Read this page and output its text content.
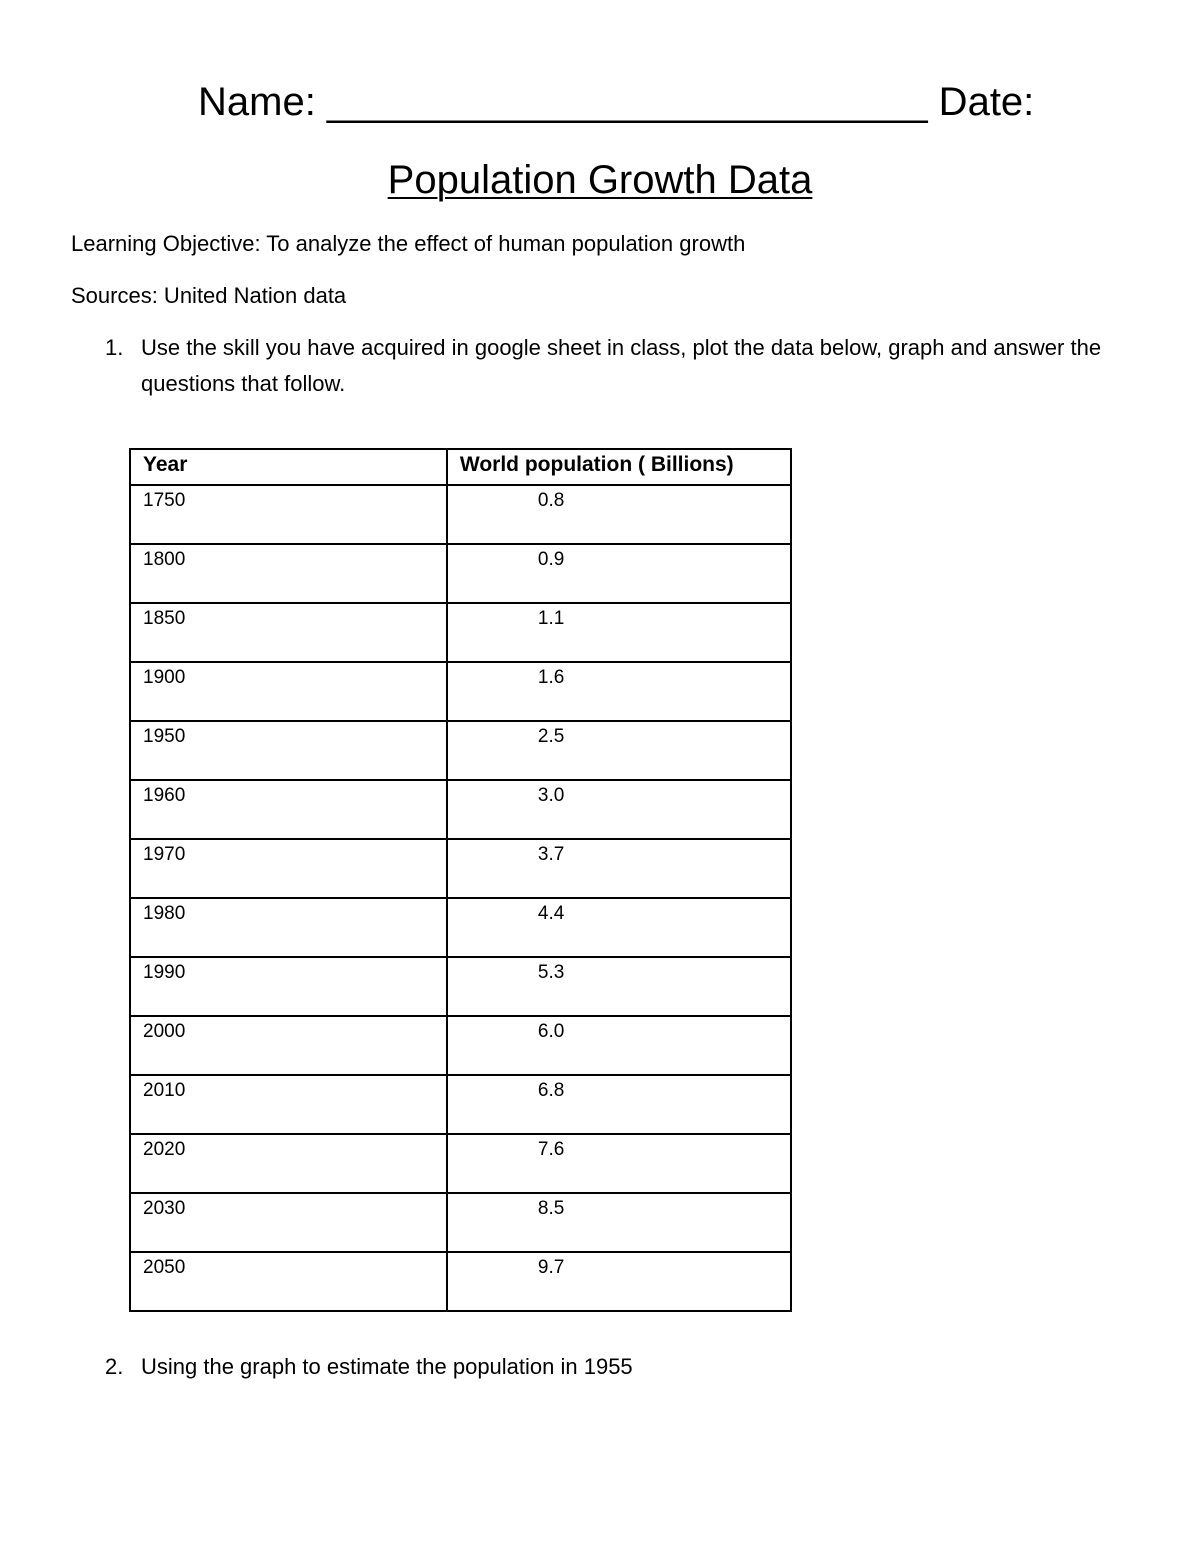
Name: ___________________________ Date:
Population Growth Data
Learning Objective: To analyze the effect of human population growth
Sources: United Nation data
1. Use the skill you have acquired in google sheet in class, plot the data below, graph and answer the questions that follow.
Year	World population ( Billions)
1750	0.8
1800	0.9
1850	1.1
1900	1.6
1950	2.5
1960	3.0
1970	3.7
1980	4.4
1990	5.3
2000	6.0
2010	6.8
2020	7.6
2030	8.5
2050	9.7
2. Using the graph to estimate the population in 1955
